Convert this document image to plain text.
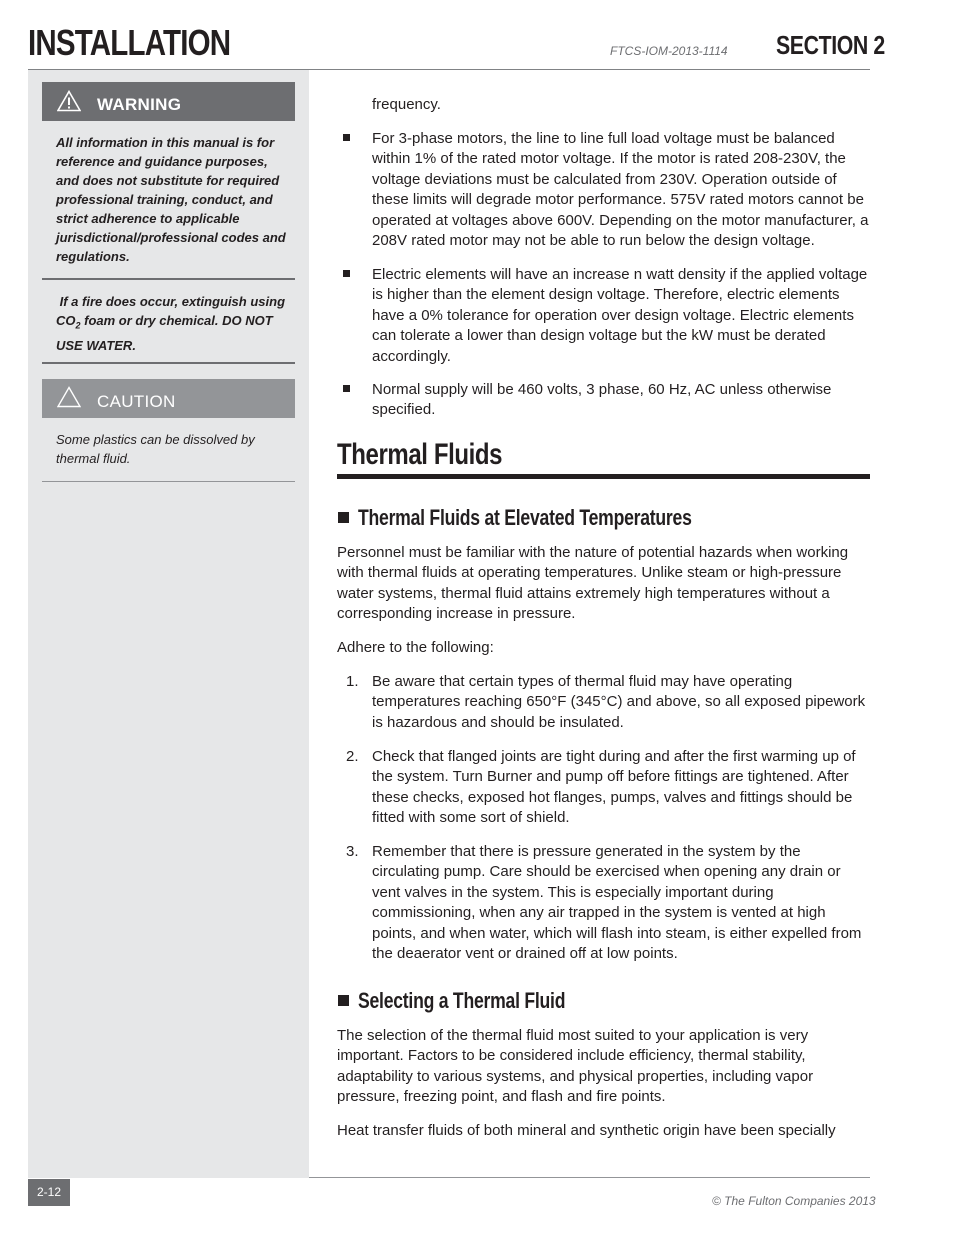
INSTALLATION	FTCS-IOM-2013-1114 SECTION 2
WARNING
All information in this manual is for reference and guidance purposes, and does not substitute for required professional training, conduct, and strict adherence to applicable jurisdictional/professional codes and regulations.
If a fire does occur, extinguish using $CO_2$ foam or dry chemical. DO NOT USE WATER.
CAUTION
Some plastics can be dissolved by thermal fluid.
frequency.
For 3-phase motors, the line to line full load voltage must be balanced within 1% of the rated motor voltage. If the motor is rated 208-230V, the voltage deviations must be calculated from 230V. Operation outside of these limits will degrade motor performance. 575V rated motors cannot be operated at voltages above 600V. Depending on the motor manufacturer, a 208V rated motor may not be able to run below the design voltage.
Electric elements will have an increase n watt density if the applied voltage is higher than the element design voltage. Therefore, electric elements have a 0% tolerance for operation over design voltage. Electric elements can tolerate a lower than design voltage but the kW must be derated accordingly.
Normal supply will be 460 volts, 3 phase, 60 Hz, AC unless otherwise specified.
Thermal Fluids
Thermal Fluids at Elevated Temperatures
Personnel must be familiar with the nature of potential hazards when working with thermal fluids at operating temperatures. Unlike steam or high-pressure water systems, thermal fluid attains extremely high temperatures without a corresponding increase in pressure.
Adhere to the following:
1. Be aware that certain types of thermal fluid may have operating temperatures reaching 650°F (345°C) and above, so all exposed pipework is hazardous and should be insulated.
2. Check that flanged joints are tight during and after the first warming up of the system. Turn Burner and pump off before fittings are tightened. After these checks, exposed hot flanges, pumps, valves and fittings should be fitted with some sort of shield.
3. Remember that there is pressure generated in the system by the circulating pump. Care should be exercised when opening any drain or vent valves in the system. This is especially important during commissioning, when any air trapped in the system is vented at high points, and when water, which will flash into steam, is either expelled from the deaerator vent or drained off at low points.
Selecting a Thermal Fluid
The selection of the thermal fluid most suited to your application is very important. Factors to be considered include efficiency, thermal stability, adaptability to various systems, and physical properties, including vapor pressure, freezing point, and flash and fire points.
Heat transfer fluids of both mineral and synthetic origin have been specially
2-12
© The Fulton Companies 2013
